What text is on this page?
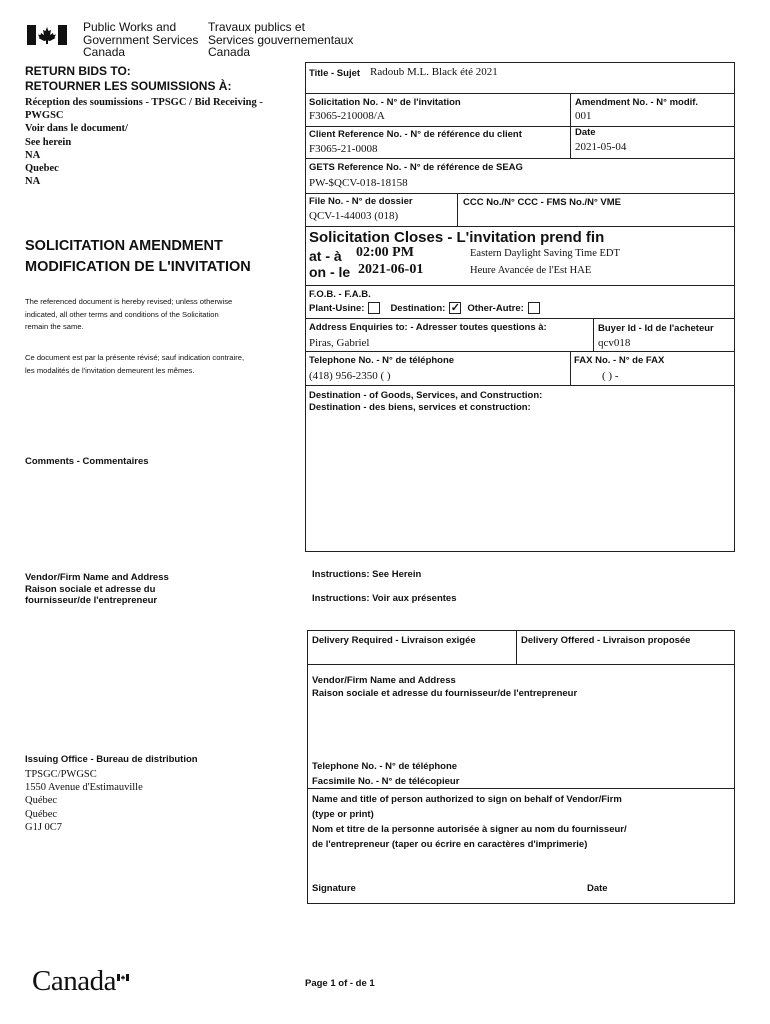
Public Works and
Government Services
Canada
Travaux publics et
Services gouvernementaux
Canada
RETURN BIDS TO:
RETOURNER LES SOUMISSIONS À:
Réception des soumissions - TPSGC / Bid Receiving -
PWGSC
Voir dans le document/
See herein
NA
Quebec
NA
SOLICITATION AMENDMENT
MODIFICATION DE L'INVITATION
The referenced document is hereby revised; unless otherwise
indicated, all other terms and conditions of the Solicitation
remain the same.
Ce document est par la présente révisé; sauf indication contraire,
les modalités de l'invitation demeurent les mêmes.
Comments - Commentaires
Vendor/Firm Name and Address
Raison sociale et adresse du
fournisseur/de l'entrepreneur
Issuing Office - Bureau de distribution
TPSGC/PWGSC
1550 Avenue d'Estimauville
Québec
Québec
G1J 0C7
Title - Sujet Radoub M.L. Black été 2021
Solicitation No. - N° de l'invitation
F3065-210008/A
Amendment No. - N° modif.
001
Client Reference No. - N° de référence du client
F3065-21-0008
Date
2021-05-04
GETS Reference No. - N° de référence de SEAG
PW-$QCV-018-18158
File No. - N° de dossier
QCV-1-44003 (018)
CCC No./N° CCC - FMS No./N° VME
Solicitation Closes - L'invitation prend fin
at - à 02:00 PM
on - le 2021-06-01
Eastern Daylight Saving Time EDT
Heure Avancée de l'Est HAE
F.O.B. - F.A.B.
Plant-Usine:	Destination: ✓ Other-Autre:
Address Enquiries to: - Adresser toutes questions à:
Piras, Gabriel
Buyer Id - Id de l'acheteur
qcv018
Telephone No. - N° de téléphone
(418) 956-2350 ( )
FAX No. - N° de FAX
( ) -
Destination - of Goods, Services, and Construction:
Destination - des biens, services et construction:
Instructions: See Herein
Instructions: Voir aux présentes
Delivery Required - Livraison exigée	Delivery Offered - Livraison proposée
Vendor/Firm Name and Address
Raison sociale et adresse du fournisseur/de l'entrepreneur
Telephone No. - N° de téléphone
Facsimile No. - N° de télécopieur
Name and title of person authorized to sign on behalf of Vendor/Firm
(type or print)
Nom et titre de la personne autorisée à signer au nom du fournisseur/
de l'entrepreneur (taper ou écrire en caractères d'imprimerie)
Signature	Date
Canada	Page 1 of - de 1
